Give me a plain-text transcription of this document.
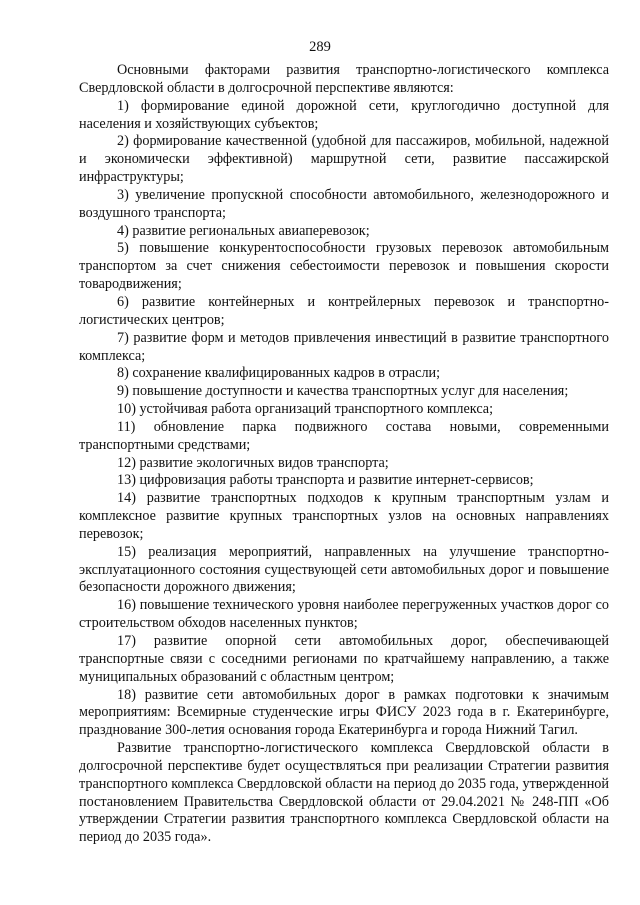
289

Основными факторами развития транспортно-логистического комплекса Свердловской области в долгосрочной перспективе являются:

1) формирование единой дорожной сети, круглогодично доступной для населения и хозяйствующих субъектов;

2) формирование качественной (удобной для пассажиров, мобильной, надежной и экономически эффективной) маршрутной сети, развитие пассажирской инфраструктуры;

3) увеличение пропускной способности автомобильного, железнодорожного и воздушного транспорта;

4) развитие региональных авиаперевозок;

5) повышение конкурентоспособности грузовых перевозок автомобильным транспортом за счет снижения себестоимости перевозок и повышения скорости товародвижения;

6) развитие контейнерных и контрейлерных перевозок и транспортно-логистических центров;

7) развитие форм и методов привлечения инвестиций в развитие транспортного комплекса;

8) сохранение квалифицированных кадров в отрасли;

9) повышение доступности и качества транспортных услуг для населения;

10) устойчивая работа организаций транспортного комплекса;

11) обновление парка подвижного состава новыми, современными транспортными средствами;

12) развитие экологичных видов транспорта;

13) цифровизация работы транспорта и развитие интернет-сервисов;

14) развитие транспортных подходов к крупным транспортным узлам и комплексное развитие крупных транспортных узлов на основных направлениях перевозок;

15) реализация мероприятий, направленных на улучшение транспортно-эксплуатационного состояния существующей сети автомобильных дорог и повышение безопасности дорожного движения;

16) повышение технического уровня наиболее перегруженных участков дорог со строительством обходов населенных пунктов;

17) развитие опорной сети автомобильных дорог, обеспечивающей транспортные связи с соседними регионами по кратчайшему направлению, а также муниципальных образований с областным центром;

18) развитие сети автомобильных дорог в рамках подготовки к значимым мероприятиям: Всемирные студенческие игры ФИСУ 2023 года в г. Екатеринбурге, празднование 300-летия основания города Екатеринбурга и города Нижний Тагил.

Развитие транспортно-логистического комплекса Свердловской области в долгосрочной перспективе будет осуществляться при реализации Стратегии развития транспортного комплекса Свердловской области на период до 2035 года, утвержденной постановлением Правительства Свердловской области от 29.04.2021 № 248-ПП «Об утверждении Стратегии развития транспортного комплекса Свердловской области на период до 2035 года».
